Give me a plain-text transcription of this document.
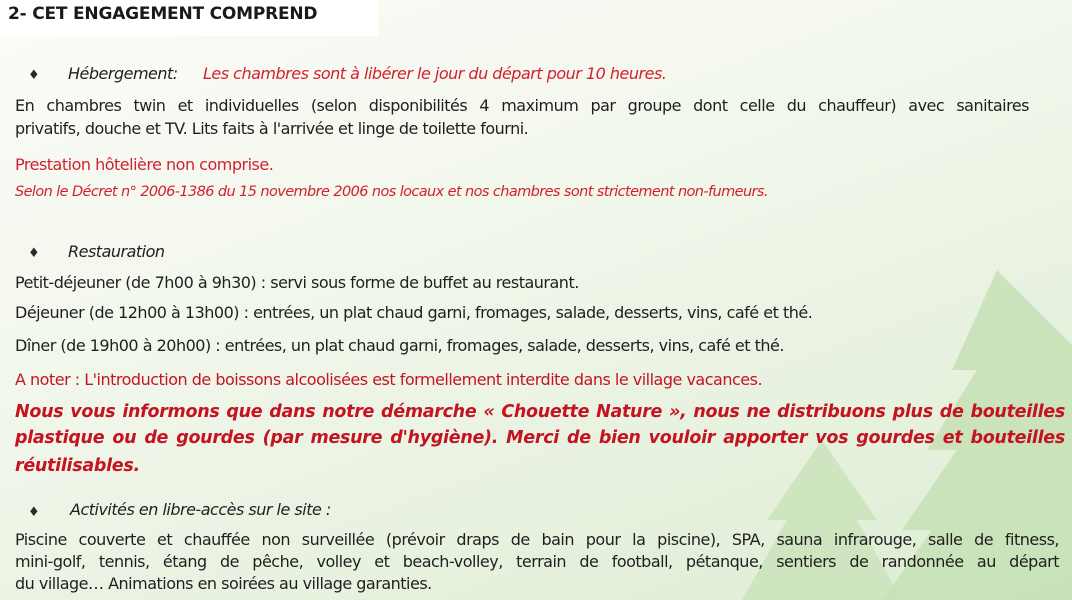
2- CET ENGAGEMENT COMPREND
♦ Hébergement: Les chambres sont à libérer le jour du départ pour 10 heures.
En chambres twin et individuelles (selon disponibilités 4 maximum par groupe dont celle du chauffeur) avec sanitaires
privatifs, douche et TV. Lits faits à l'arrivée et linge de toilette fourni.
Prestation hôtelière non comprise.
Selon le Décret n° 2006-1386 du 15 novembre 2006 nos locaux et nos chambres sont strictement non-fumeurs.
♦ Restauration
Petit-déjeuner (de 7h00 à 9h30) : servi sous forme de buffet au restaurant.
Déjeuner (de 12h00 à 13h00) : entrées, un plat chaud garni, fromages, salade, desserts, vins, café et thé.
Dîner (de 19h00 à 20h00) : entrées, un plat chaud garni, fromages, salade, desserts, vins, café et thé.
A noter : L'introduction de boissons alcoolisées est formellement interdite dans le village vacances.
Nous vous informons que dans notre démarche « Chouette Nature », nous ne distribuons plus de bouteilles
plastique ou de gourdes (par mesure d'hygiène). Merci de bien vouloir apporter vos gourdes et bouteilles
réutilisables.
♦ Activités en libre-accès sur le site :
Piscine couverte et chauffée non surveillée (prévoir draps de bain pour la piscine), SPA, sauna infrarouge, salle de fitness,
mini-golf, tennis, étang de pêche, volley et beach-volley, terrain de football, pétanque, sentiers de randonnée au départ
du village… Animations en soirées au village garanties.
